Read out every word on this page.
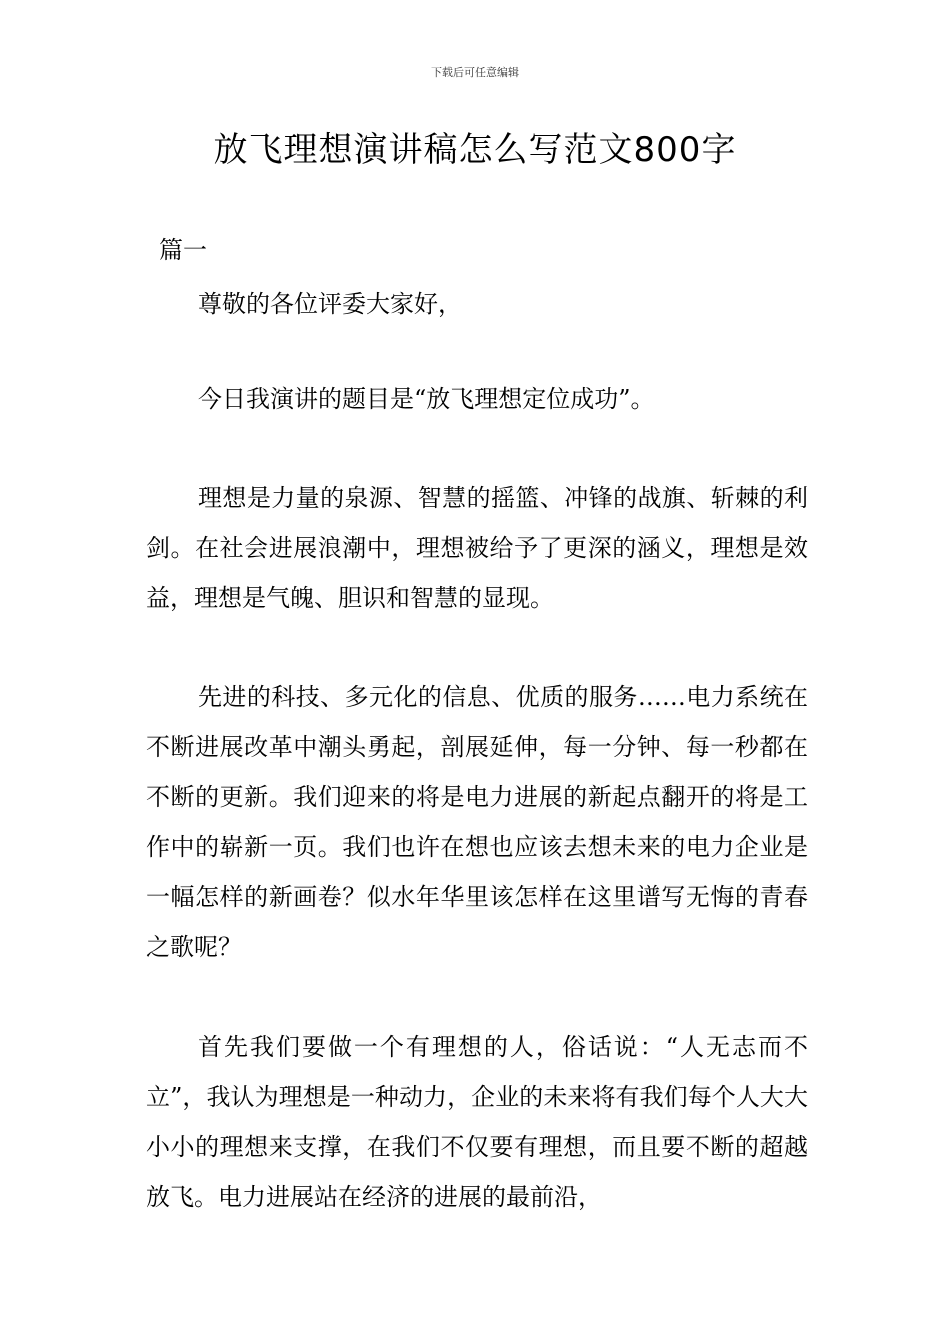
下载后可任意编辑
放飞理想演讲稿怎么写范文800字
篇一

尊敬的各位评委大家好，

今日我演讲的题目是“放飞理想定位成功”。

理想是力量的泉源、智慧的摇篮、冲锋的战旗、斩棘的利剑。在社会进展浪潮中，理想被给予了更深的涵义，理想是效益，理想是气魄、胆识和智慧的显现。

先进的科技、多元化的信息、优质的服务……电力系统在不断进展改革中潮头勇起，剖展延伸，每一分钟、每一秒都在不断的更新。我们迎来的将是电力进展的新起点翻开的将是工作中的崭新一页。我们也许在想也应该去想未来的电力企业是一幅怎样的新画卷？似水年华里该怎样在这里谱写无悔的青春之歌呢？

首先我们要做一个有理想的人，俗话说：“人无志而不立”，我认为理想是一种动力，企业的未来将有我们每个人大大小小的理想来支撑，在我们不仅要有理想，而且要不断的超越放飞。电力进展站在经济的进展的最前沿，
